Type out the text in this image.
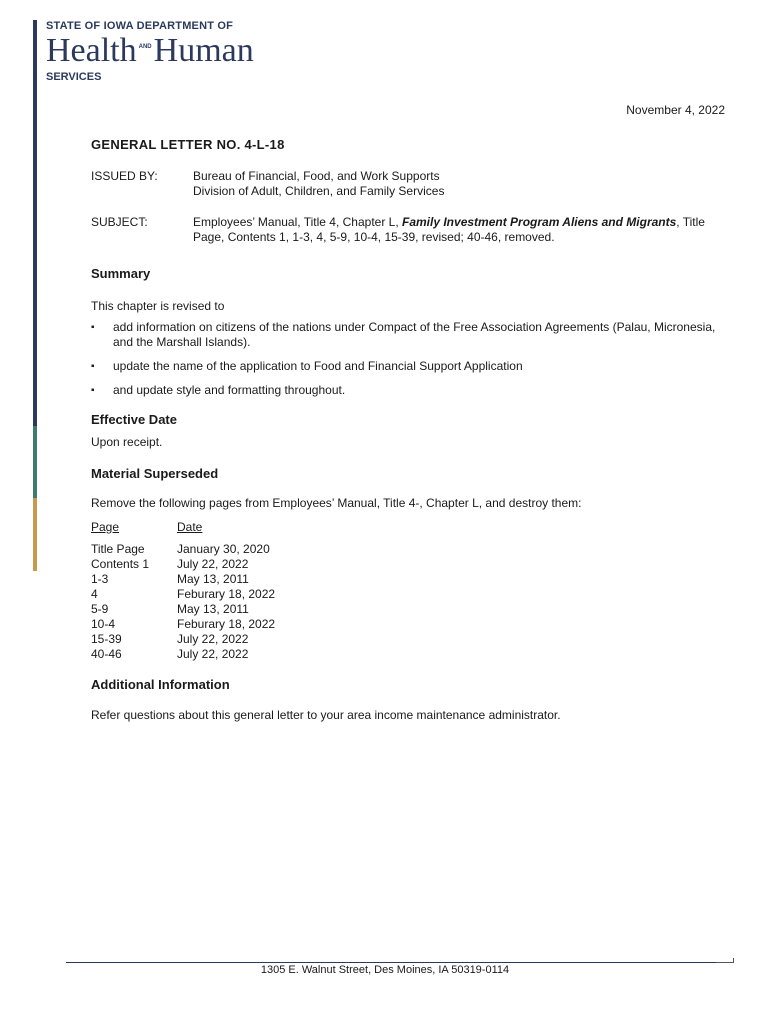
STATE OF IOWA DEPARTMENT OF
Health ANDHuman
SERVICES
November 4, 2022
GENERAL LETTER NO. 4-L-18
ISSUED BY:	Bureau of Financial, Food, and Work Supports
Division of Adult, Children, and Family Services
SUBJECT:	Employees’ Manual, Title 4, Chapter L, Family Investment Program Aliens and Migrants, Title Page, Contents 1, 1-3, 4, 5-9, 10-4, 15-39, revised; 40-46, removed.
Summary
This chapter is revised to
▪ add information on citizens of the nations under Compact of the Free Association Agreements (Palau, Micronesia, and the Marshall Islands).
▪ update the name of the application to Food and Financial Support Application
▪ and update style and formatting throughout.
Effective Date
Upon receipt.
Material Superseded
Remove the following pages from Employees’ Manual, Title 4-, Chapter L, and destroy them:
Page	Date
Title Page	January 30, 2020
Contents 1	July 22, 2022
1-3	May 13, 2011
4	Feburary 18, 2022
5-9	May 13, 2011
10-4	Feburary 18, 2022
15-39	July 22, 2022
40-46	July 22, 2022
Additional Information
Refer questions about this general letter to your area income maintenance administrator.
1305 E. Walnut Street, Des Moines, IA 50319-0114
